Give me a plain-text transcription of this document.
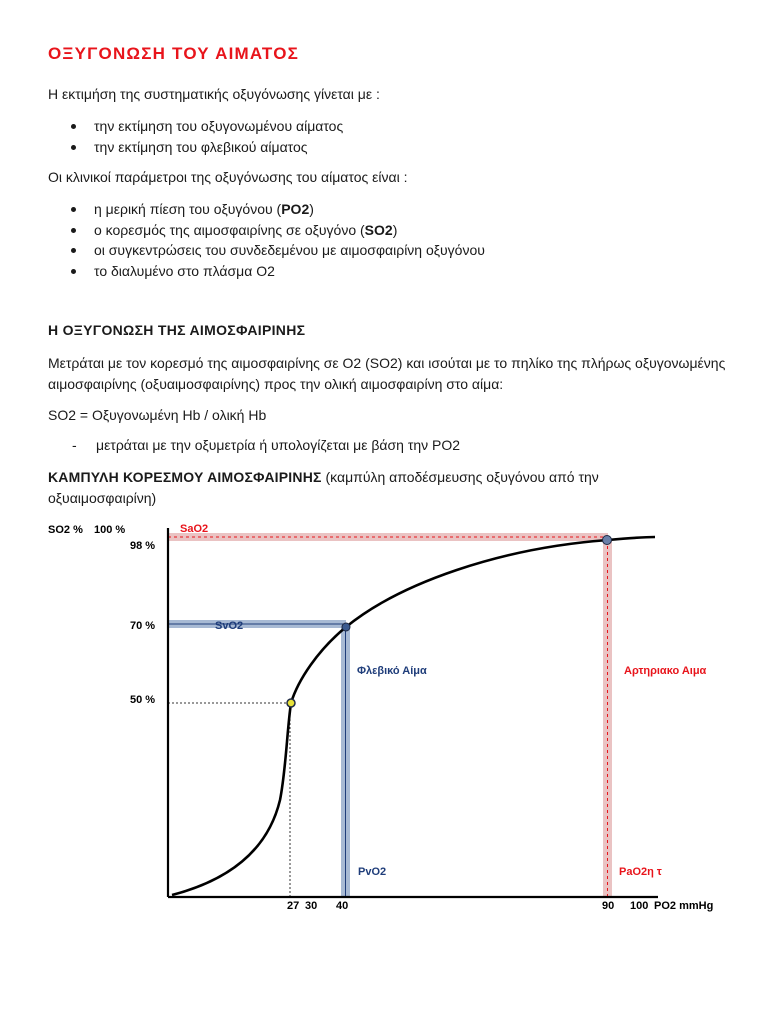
ΟΞΥΓΟΝΩΣΗ ΤΟΥ ΑΙΜΑΤΟΣ
Η εκτιμήση της συστηματικής οξυγόνωσης γίνεται με :
την εκτίμηση του οξυγονωμένου αίματος
την εκτίμηση του φλεβικού αίματος
Οι κλινικοί παράμετροι της οξυγόνωσης του αίματος είναι :
η μερική πίεση του οξυγόνου (PO2)
ο κορεσμός της αιμοσφαιρίνης σε οξυγόνο (SO2)
οι συγκεντρώσεις του συνδεδεμένου με αιμοσφαιρίνη οξυγόνου
το διαλυμένο στο πλάσμα Ο2
Η ΟΞΥΓΟΝΩΣΗ ΤΗΣ ΑΙΜΟΣΦΑΙΡΙΝΗΣ
Μετράται με τον κορεσμό της αιμοσφαιρίνης σε Ο2 (SO2) και ισούται με το πηλίκο της πλήρως οξυγονωμένης αιμοσφαιρίνης (οξυαιμοσφαιρίνης) προς την ολική αιμοσφαιρίνη στο αίμα:
SO2 = Οξυγονωμένη Hb / ολική Hb
- μετράται με την οξυμετρία ή υπολογίζεται με βάση την PO2
ΚΑΜΠΥΛΗ ΚΟΡΕΣΜΟΥ ΑΙΜΟΣΦΑΙΡΙΝΗΣ (καμπύλη αποδέσμευσης οξυγόνου από την οξυαιμοσφαιρίνη)
SO2 % 100 %
98 %
70 %
50 %
27 30 40	90 100 PO2 mmHg
SaO2
SvO2
Φλεβικό Αίμα	Αρτηριακο Αιμα
PvO2	PaO2η τ
